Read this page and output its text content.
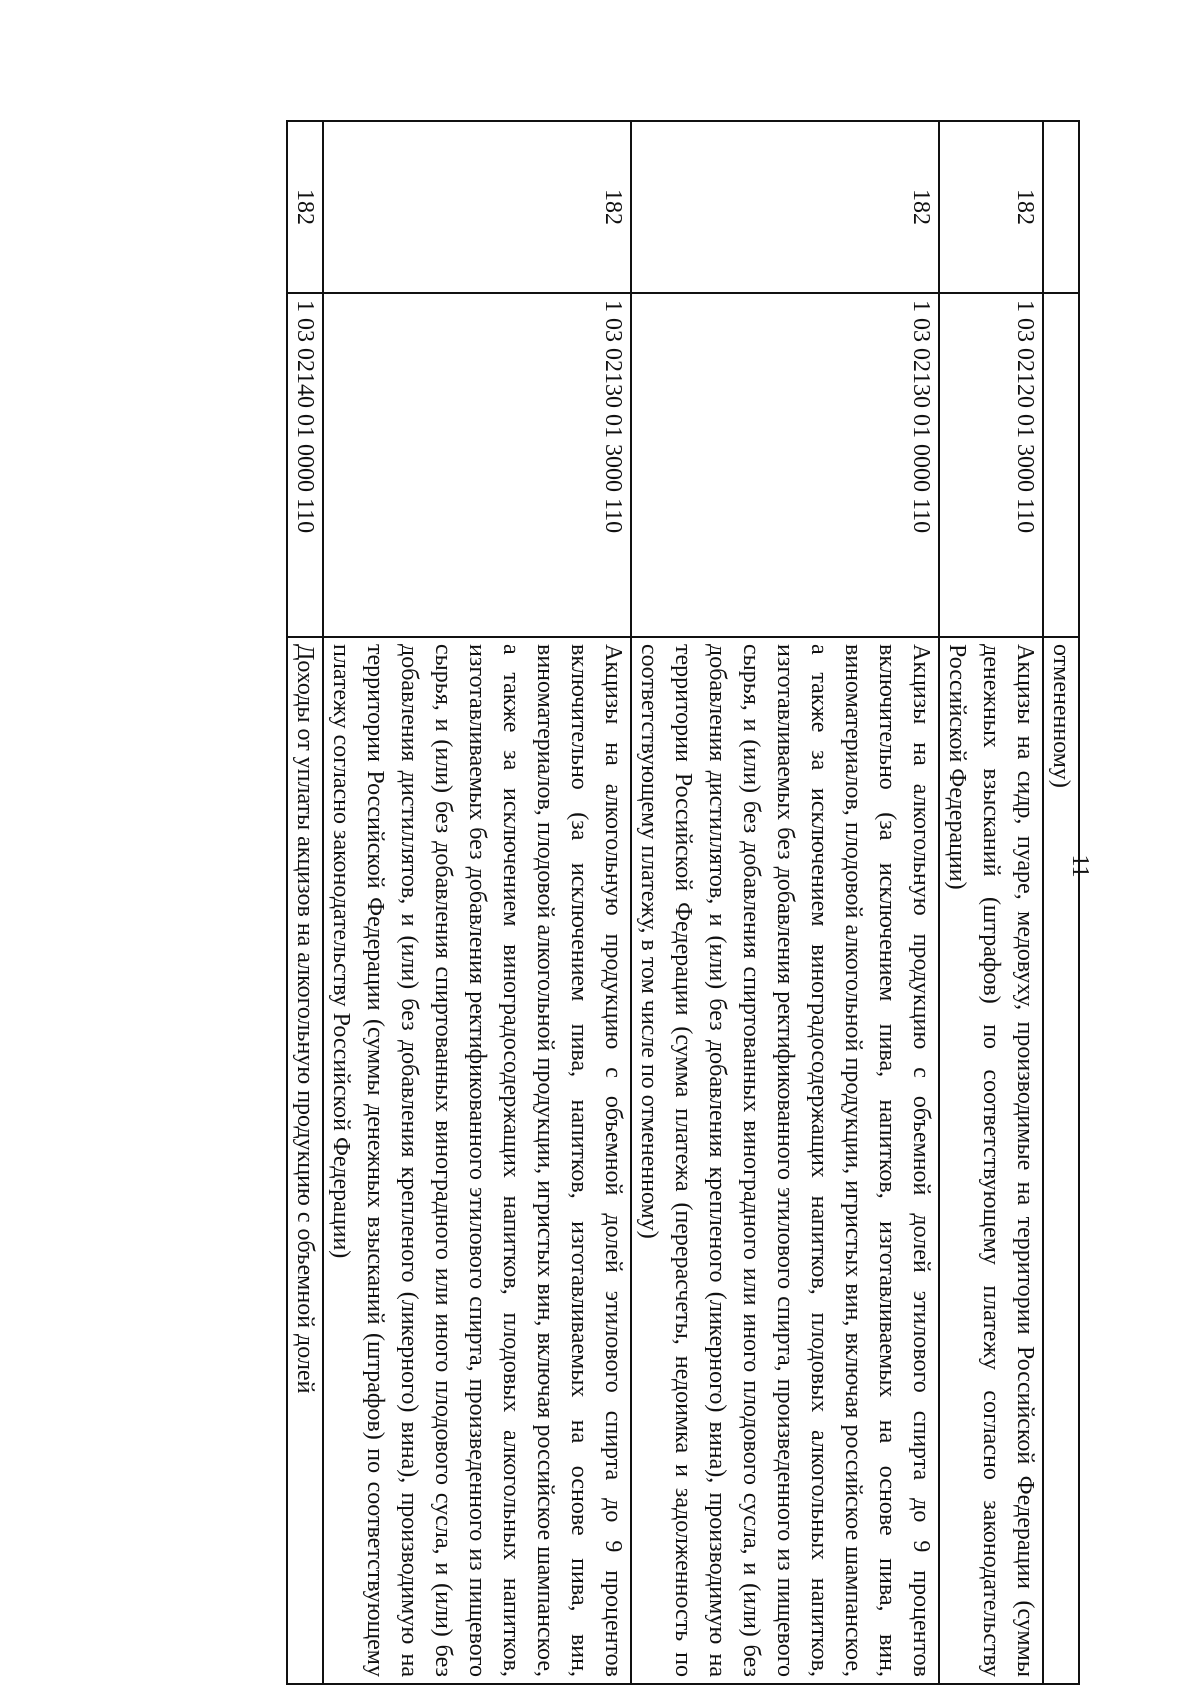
		отмененному)
182	1 03 02120 01 3000 110	Акцизы на сидр, пуаре, медовуху, производимые на территории Российской Федерации (суммы денежных взысканий (штрафов) по соответствующему платежу согласно законодательству Российской Федерации)
182	1 03 02130 01 0000 110	Акцизы на алкогольную продукцию с объемной долей этилового спирта до 9 процентов включительно (за исключением пива, напитков, изготавливаемых на основе пива, вин, виноматериалов, плодовой алкогольной продукции, игристых вин, включая российское шампанское, а также за исключением виноградосодержащих напитков, плодовых алкогольных напитков, изготавливаемых без добавления ректификованного этилового спирта, произведенного из пищевого сырья, и (или) без добавления спиртованных виноградного или иного плодового сусла, и (или) без добавления дистиллятов, и (или) без добавления крепленого (ликерного) вина), производимую на территории Российской Федерации (сумма платежа (перерасчеты, недоимка и задолженность по соответствующему платежу, в том числе по отмененному)
182	1 03 02130 01 3000 110	Акцизы на алкогольную продукцию с объемной долей этилового спирта до 9 процентов включительно (за исключением пива, напитков, изготавливаемых на основе пива, вин, виноматериалов, плодовой алкогольной продукции, игристых вин, включая российское шампанское, а также за исключением виноградосодержащих напитков, плодовых алкогольных напитков, изготавливаемых без добавления ректификованного этилового спирта, произведенного из пищевого сырья, и (или) без добавления спиртованных виноградного или иного плодового сусла, и (или) без добавления дистиллятов, и (или) без добавления крепленого (ликерного) вина), производимую на территории Российской Федерации (суммы денежных взысканий (штрафов) по соответствующему платежу согласно законодательству Российской Федерации)
182	1 03 02140 01 0000 110	Доходы от уплаты акцизов на алкогольную продукцию с объемной долей	11
